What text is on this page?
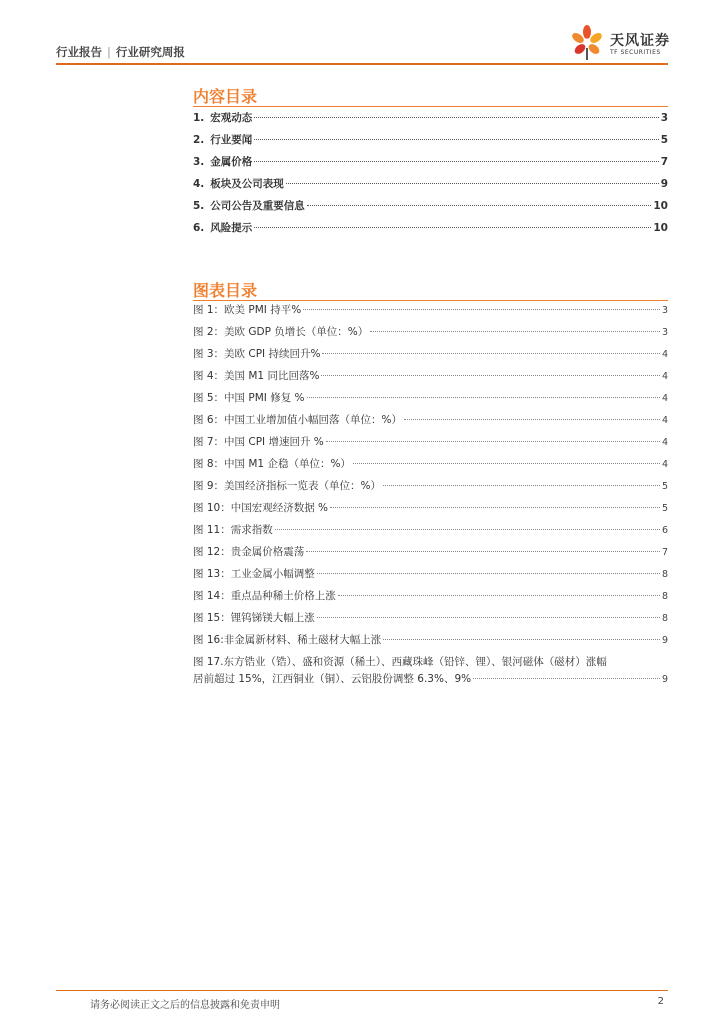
行业报告 | 行业研究周报
天风证券
TF SECURITIES
内容目录
1. 宏观动态	3
2. 行业要闻	5
3. 金属价格	7
4. 板块及公司表现	9
5. 公司公告及重要信息	10
6. 风险提示	10
图表目录
图 1： 欧美 PMI 持平%	3
图 2： 美欧 GDP 负增长（单位：%）	3
图 3： 美欧 CPI 持续回升%	4
图 4： 美国 M1 同比回落%	4
图 5： 中国 PMI 修复 %	4
图 6： 中国工业增加值小幅回落（单位：%）	4
图 7： 中国 CPI 增速回升 %	4
图 8： 中国 M1 企稳（单位：%）	4
图 9： 美国经济指标一览表（单位：%）	5
图 10： 中国宏观经济数据 %	5
图 11： 需求指数	6
图 12： 贵金属价格震荡	7
图 13： 工业金属小幅调整	8
图 14： 重点品种稀土价格上涨	8
图 15： 锂钨锑镁大幅上涨	8
图 16: 非金属新材料、稀土磁材大幅上涨	9
图 17.东方锆业（锆）、盛和资源（稀土）、西藏珠峰（铅锌、锂）、银河磁体（磁材）涨幅
居前超过 15%，江西铜业（铜）、云铝股份调整 6.3%、9%	9
请务必阅读正文之后的信息披露和免责申明	2
